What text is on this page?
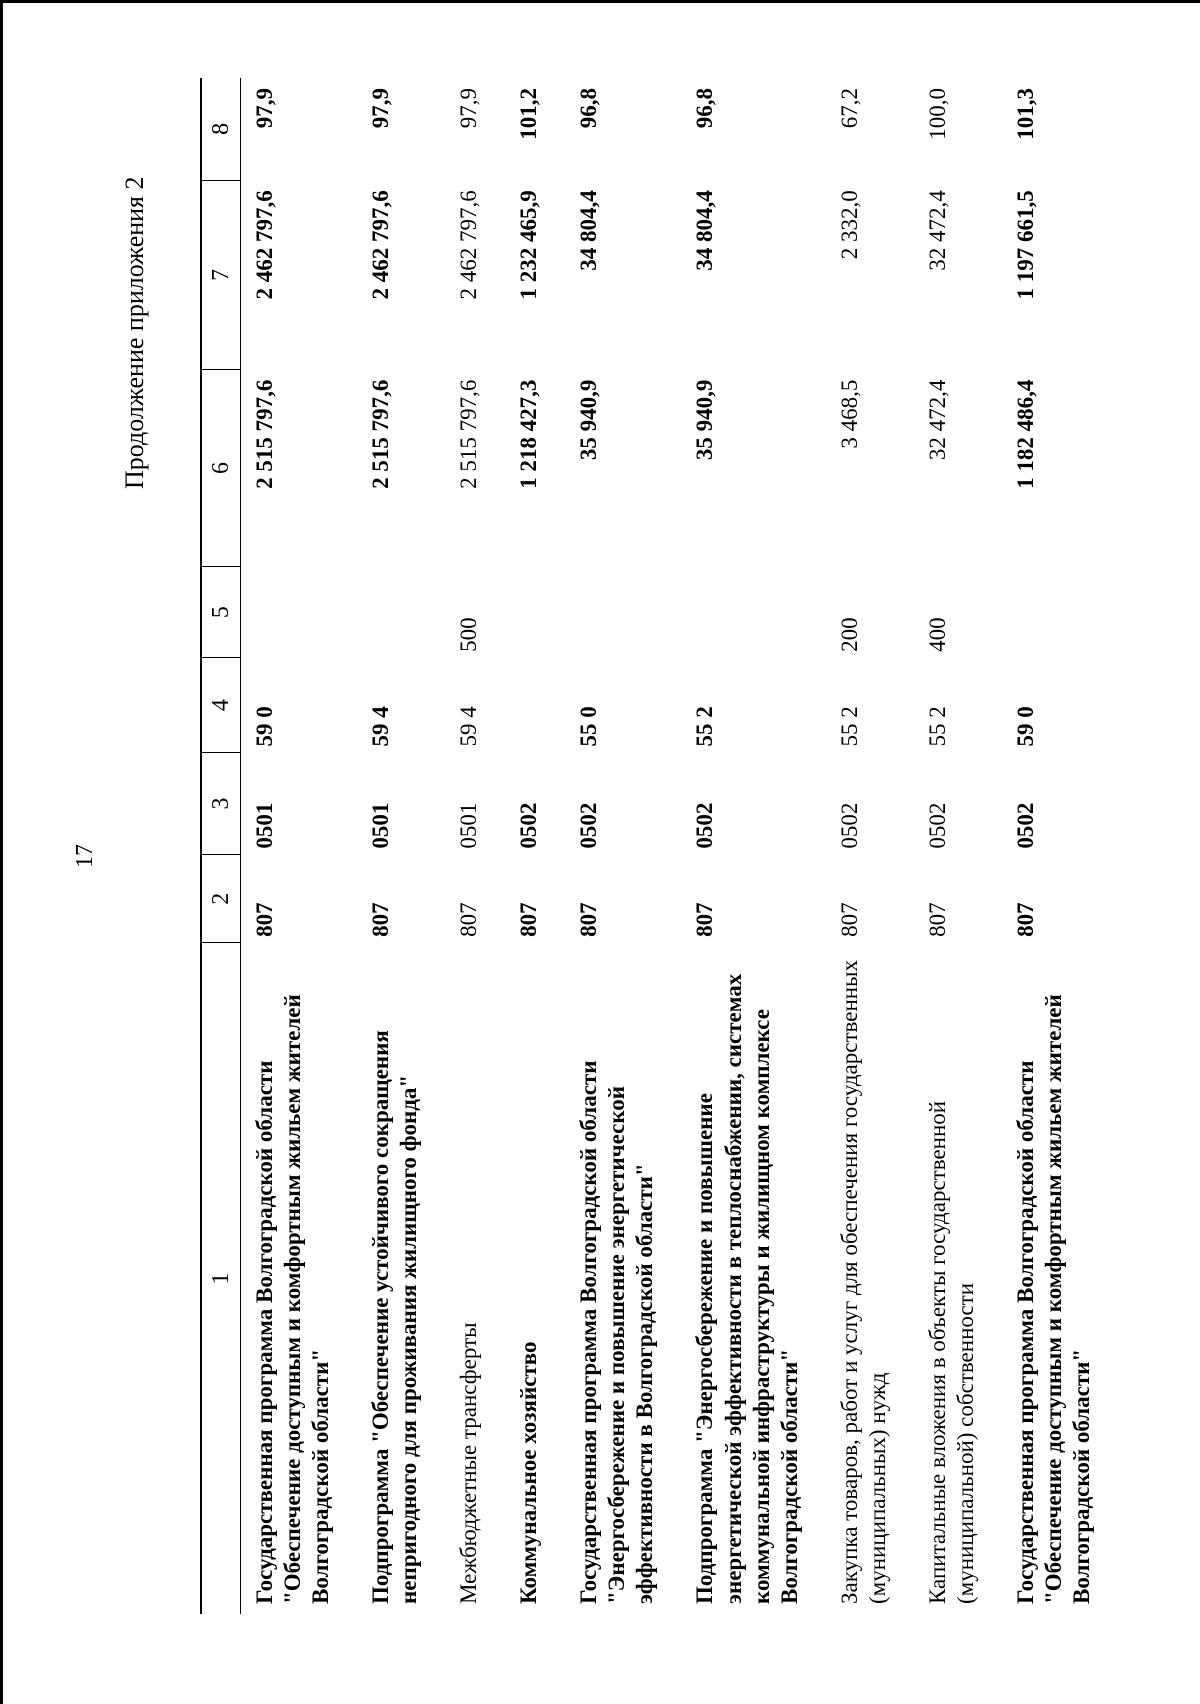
17
Продолжение приложения 2
1	2	3	4	5	6	7	8
Государственная программа Волгоградской области "Обеспечение доступным и комфортным жильем жителей Волгоградской области"	807	0501	59 0		2 515 797,6	2 462 797,6	97,9
Подпрограмма "Обеспечение устойчивого сокращения непригодного для проживания жилищного фонда"	807	0501	59 4		2 515 797,6	2 462 797,6	97,9
Межбюджетные трансферты	807	0501	59 4	500	2 515 797,6	2 462 797,6	97,9
Коммунальное хозяйство	807	0502			1 218 427,3	1 232 465,9	101,2
Государственная программа Волгоградской области "Энергосбережение и повышение энергетической эффективности в Волгоградской области"	807	0502	55 0		35 940,9	34 804,4	96,8
Подпрограмма "Энергосбережение и повышение энергетической эффективности в теплоснабжении, системах коммунальной инфраструктуры и жилищном комплексе Волгоградской области"	807	0502	55 2		35 940,9	34 804,4	96,8
Закупка товаров, работ и услуг для обеспечения государственных (муниципальных) нужд	807	0502	55 2	200	3 468,5	2 332,0	67,2
Капитальные вложения в объекты государственной (муниципальной) собственности	807	0502	55 2	400	32 472,4	32 472,4	100,0
Государственная программа Волгоградской области "Обеспечение доступным и комфортным жильем жителей Волгоградской области"	807	0502	59 0		1 182 486,4	1 197 661,5	101,3
